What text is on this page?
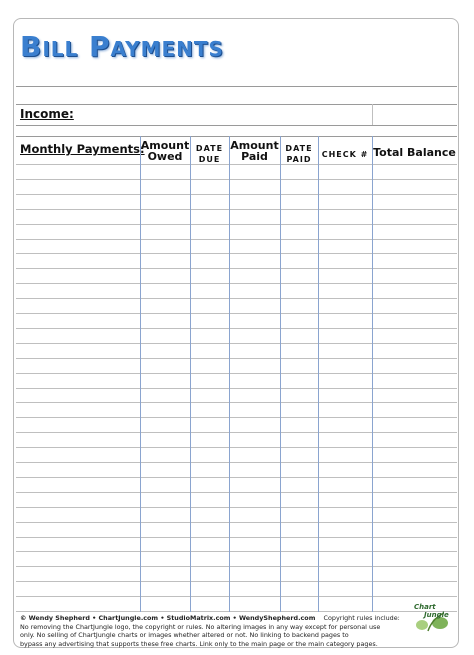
Bill Payments
Income:
Monthly Payments:
Amount
Owed
DATE
DUE
Amount
Paid
DATE
PAID
CHECK # Total Balance
© Wendy Shepherd • ChartJungle.com • StudioMatrix.com • WendyShepherd.com Copyright rules include:
No removing the ChartJungle logo, the copyright or rules. No altering images in any way except for personal use
only. No selling of ChartJungle charts or images whether altered or not. No linking to backend pages to
bypass any advertising that supports these free charts. Link only to the main page or the main category pages.
Chart
Jungle
